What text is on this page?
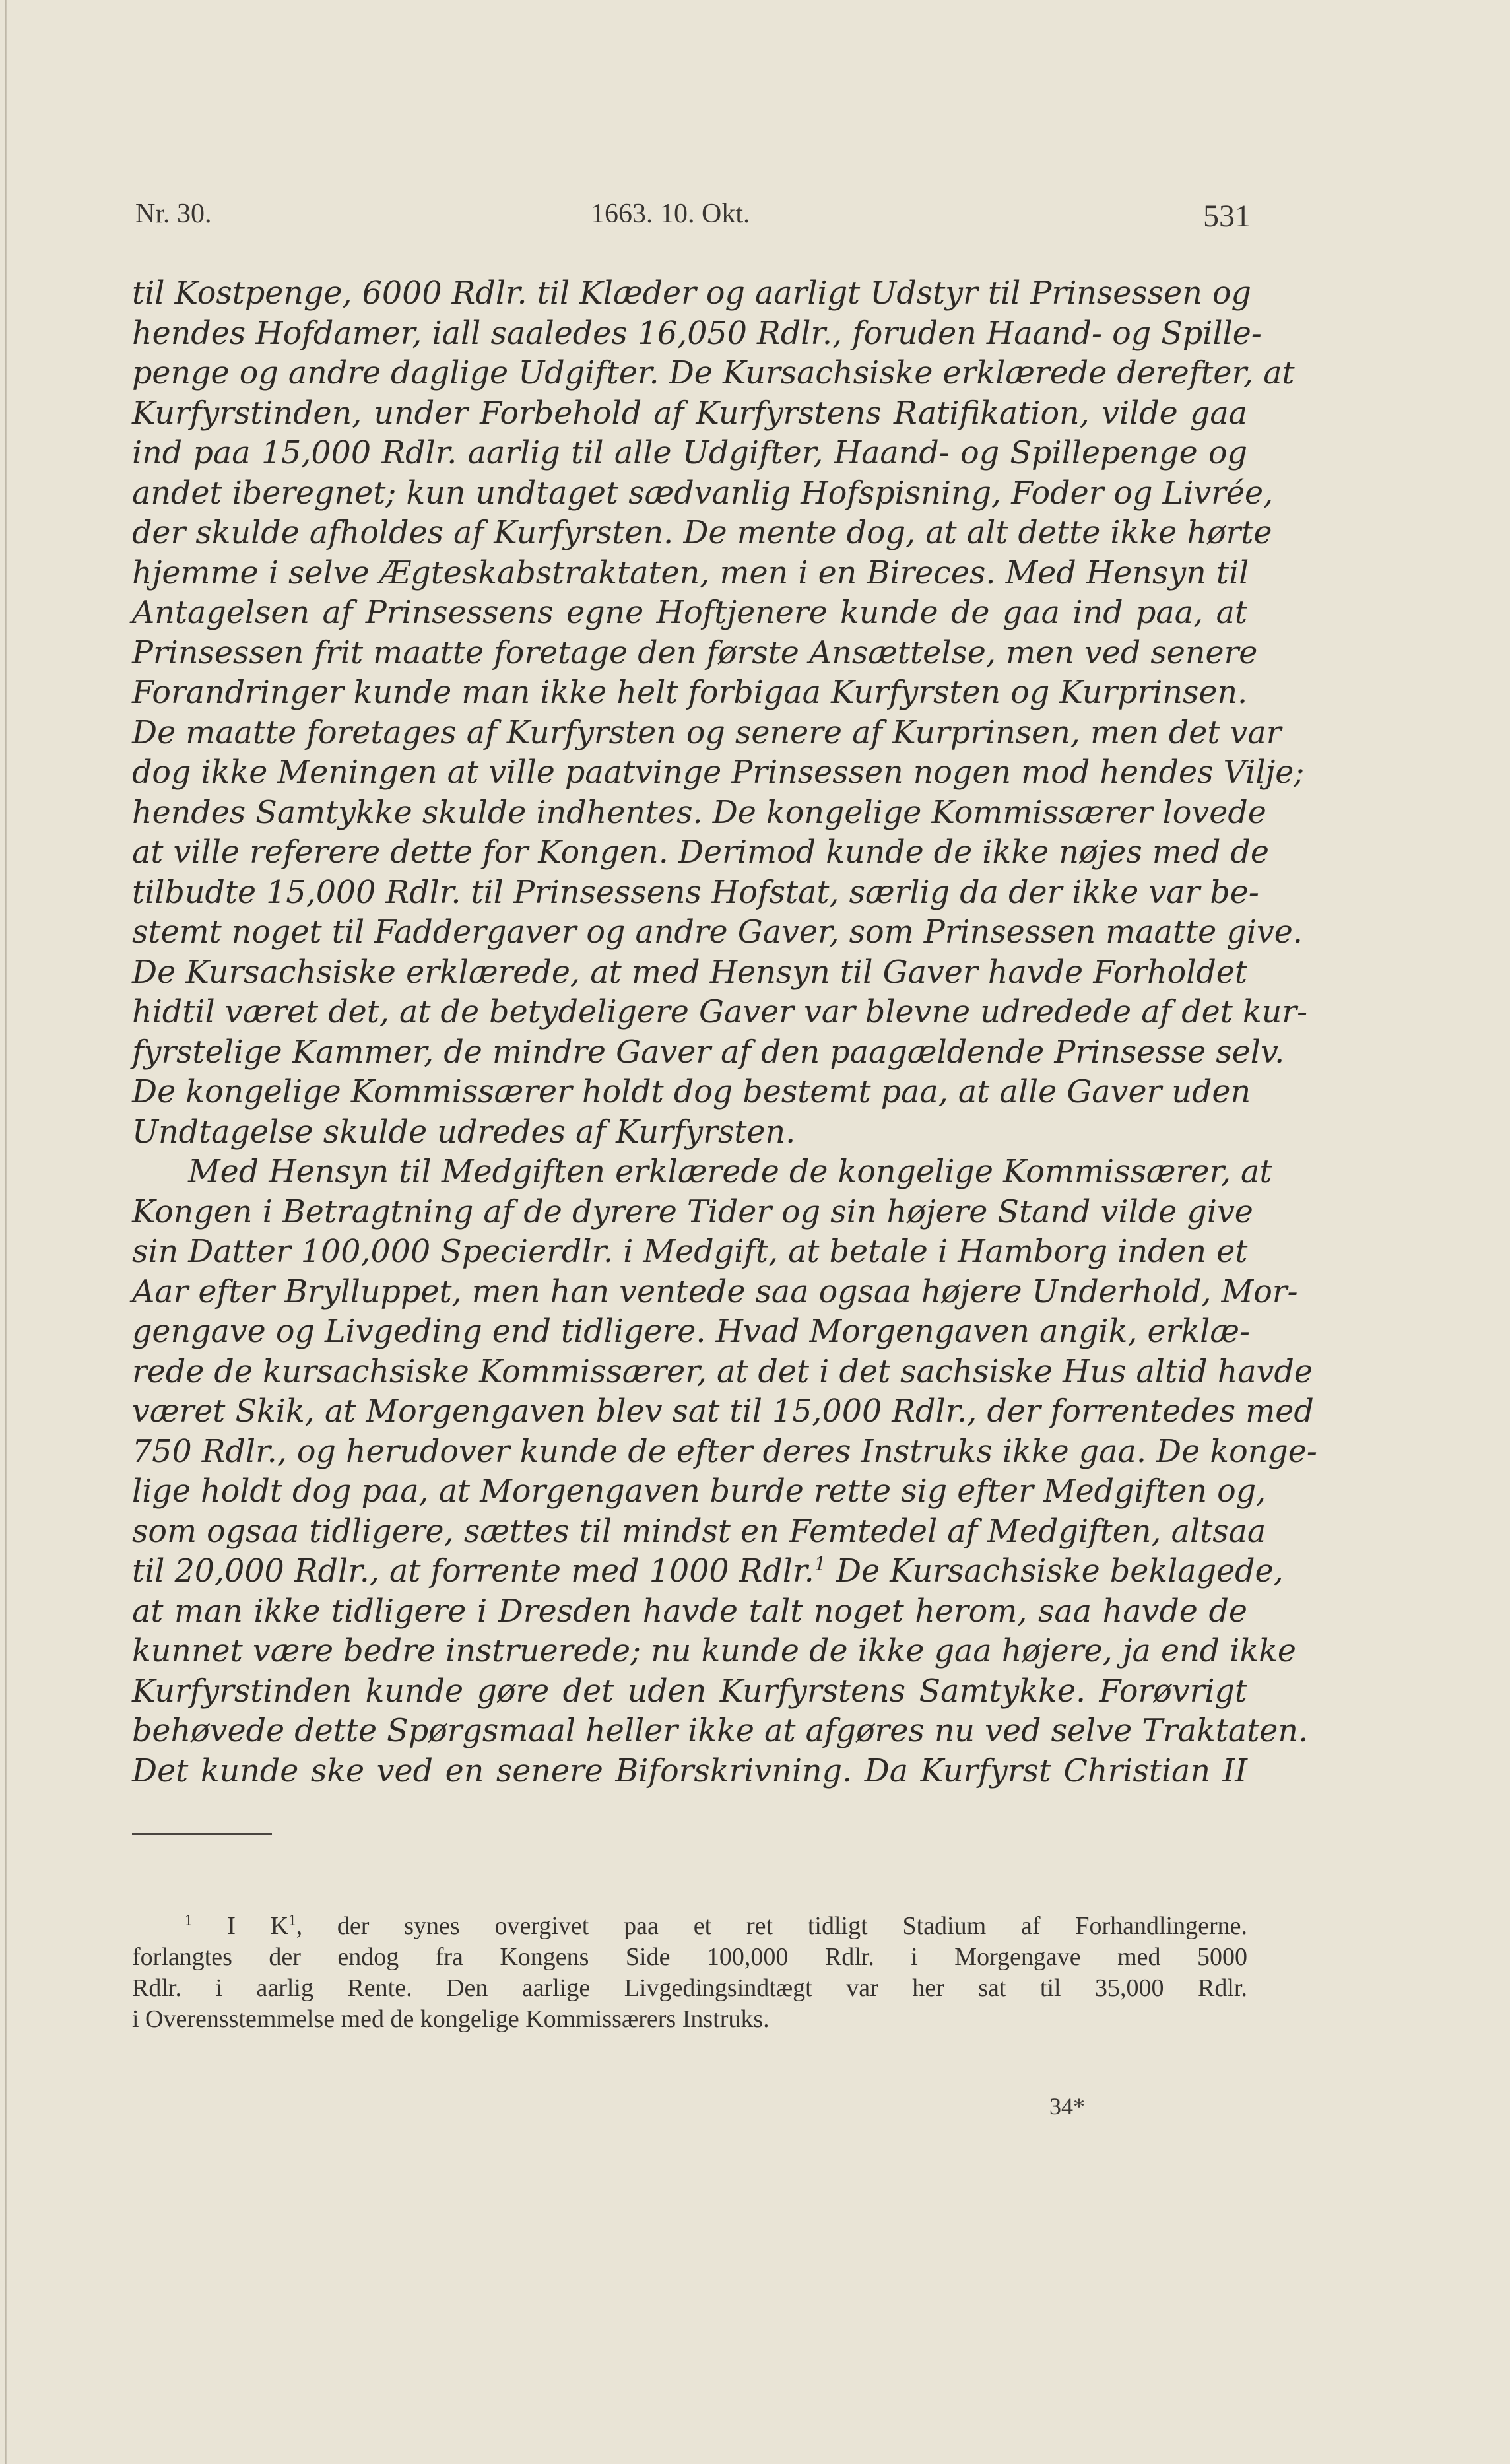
Nr. 30.	1663. 10. Okt.	531
til Kostpenge, 6000 Rdlr. til Klæder og aarligt Udstyr til Prinsessen og
hendes Hofdamer, iall saaledes 16,050 Rdlr., foruden Haand- og Spille-
penge og andre daglige Udgifter. De Kursachsiske erklærede derefter, at
Kurfyrstinden, under Forbehold af Kurfyrstens Ratifikation, vilde gaa
ind paa 15,000 Rdlr. aarlig til alle Udgifter, Haand- og Spillepenge og
andet iberegnet; kun undtaget sædvanlig Hofspisning, Foder og Livrée,
der skulde afholdes af Kurfyrsten. De mente dog, at alt dette ikke hørte
hjemme i selve Ægteskabstraktaten, men i en Bireces. Med Hensyn til
Antagelsen af Prinsessens egne Hoftjenere kunde de gaa ind paa, at
Prinsessen frit maatte foretage den første Ansættelse, men ved senere
Forandringer kunde man ikke helt forbigaa Kurfyrsten og Kurprinsen.
De maatte foretages af Kurfyrsten og senere af Kurprinsen, men det var
dog ikke Meningen at ville paatvinge Prinsessen nogen mod hendes Vilje;
hendes Samtykke skulde indhentes. De kongelige Kommissærer lovede
at ville referere dette for Kongen. Derimod kunde de ikke nøjes med de
tilbudte 15,000 Rdlr. til Prinsessens Hofstat, særlig da der ikke var be-
stemt noget til Faddergaver og andre Gaver, som Prinsessen maatte give.
De Kursachsiske erklærede, at med Hensyn til Gaver havde Forholdet
hidtil været det, at de betydeligere Gaver var blevne udredede af det kur-
fyrstelige Kammer, de mindre Gaver af den paagældende Prinsesse selv.
De kongelige Kommissærer holdt dog bestemt paa, at alle Gaver uden
Undtagelse skulde udredes af Kurfyrsten.
Med Hensyn til Medgiften erklærede de kongelige Kommissærer, at
Kongen i Betragtning af de dyrere Tider og sin højere Stand vilde give
sin Datter 100,000 Specierdlr. i Medgift, at betale i Hamborg inden et
Aar efter Brylluppet, men han ventede saa ogsaa højere Underhold, Mor-
gengave og Livgeding end tidligere. Hvad Morgengaven angik, erklæ-
rede de kursachsiske Kommissærer, at det i det sachsiske Hus altid havde
været Skik, at Morgengaven blev sat til 15,000 Rdlr., der forrentedes med
750 Rdlr., og herudover kunde de efter deres Instruks ikke gaa. De konge-
lige holdt dog paa, at Morgengaven burde rette sig efter Medgiften og,
som ogsaa tidligere, sættes til mindst en Femtedel af Medgiften, altsaa
til 20,000 Rdlr., at forrente med 1000 Rdlr.$^1$ De Kursachsiske beklagede,
at man ikke tidligere i Dresden havde talt noget herom, saa havde de
kunnet være bedre instruerede; nu kunde de ikke gaa højere, ja end ikke
Kurfyrstinden kunde gøre det uden Kurfyrstens Samtykke. Forøvrigt
behøvede dette Spørgsmaal heller ikke at afgøres nu ved selve Traktaten.
Det kunde ske ved en senere Biforskrivning. Da Kurfyrst Christian II
$^1$ I $K^1$, der synes overgivet paa et ret tidligt Stadium af Forhandlingerne.
forlangtes der endog fra Kongens Side 100,000 Rdlr. i Morgengave med 5000
Rdlr. i aarlig Rente. Den aarlige Livgedingsindtægt var her sat til 35,000 Rdlr.
i Overensstemmelse med de kongelige Kommissærers Instruks.
34*
